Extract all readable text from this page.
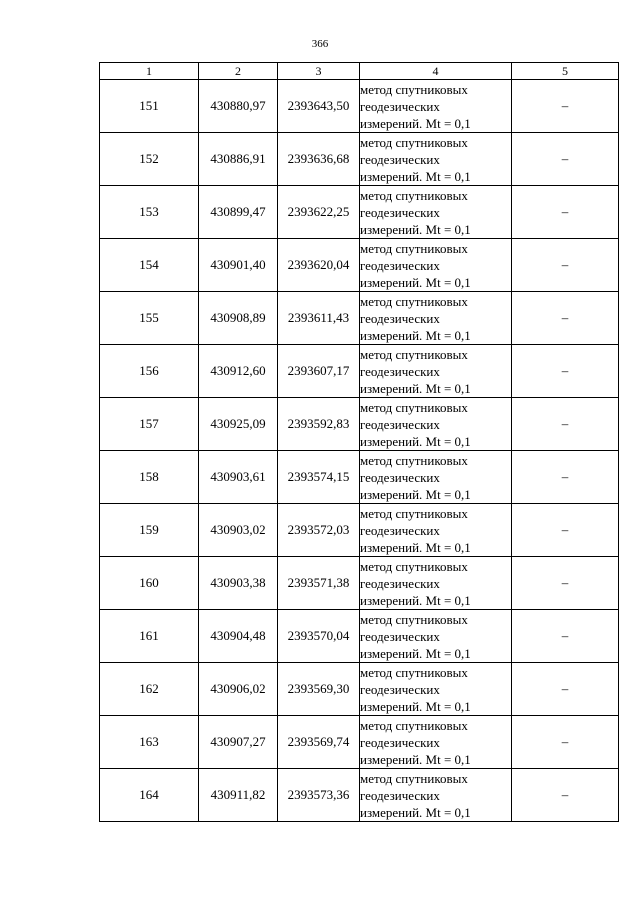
366
1	2	3	4	5
151	430880,97	2393643,50	метод спутниковых
геодезических
измерений. Mt = 0,1	–
152	430886,91	2393636,68	метод спутниковых
геодезических
измерений. Mt = 0,1	–
153	430899,47	2393622,25	метод спутниковых
геодезических
измерений. Mt = 0,1	–
154	430901,40	2393620,04	метод спутниковых
геодезических
измерений. Mt = 0,1	–
155	430908,89	2393611,43	метод спутниковых
геодезических
измерений. Mt = 0,1	–
156	430912,60	2393607,17	метод спутниковых
геодезических
измерений. Mt = 0,1	–
157	430925,09	2393592,83	метод спутниковых
геодезических
измерений. Mt = 0,1	–
158	430903,61	2393574,15	метод спутниковых
геодезических
измерений. Mt = 0,1	–
159	430903,02	2393572,03	метод спутниковых
геодезических
измерений. Mt = 0,1	–
160	430903,38	2393571,38	метод спутниковых
геодезических
измерений. Mt = 0,1	–
161	430904,48	2393570,04	метод спутниковых
геодезических
измерений. Mt = 0,1	–
162	430906,02	2393569,30	метод спутниковых
геодезических
измерений. Mt = 0,1	–
163	430907,27	2393569,74	метод спутниковых
геодезических
измерений. Mt = 0,1	–
164	430911,82	2393573,36	метод спутниковых
геодезических
измерений. Mt = 0,1	–
